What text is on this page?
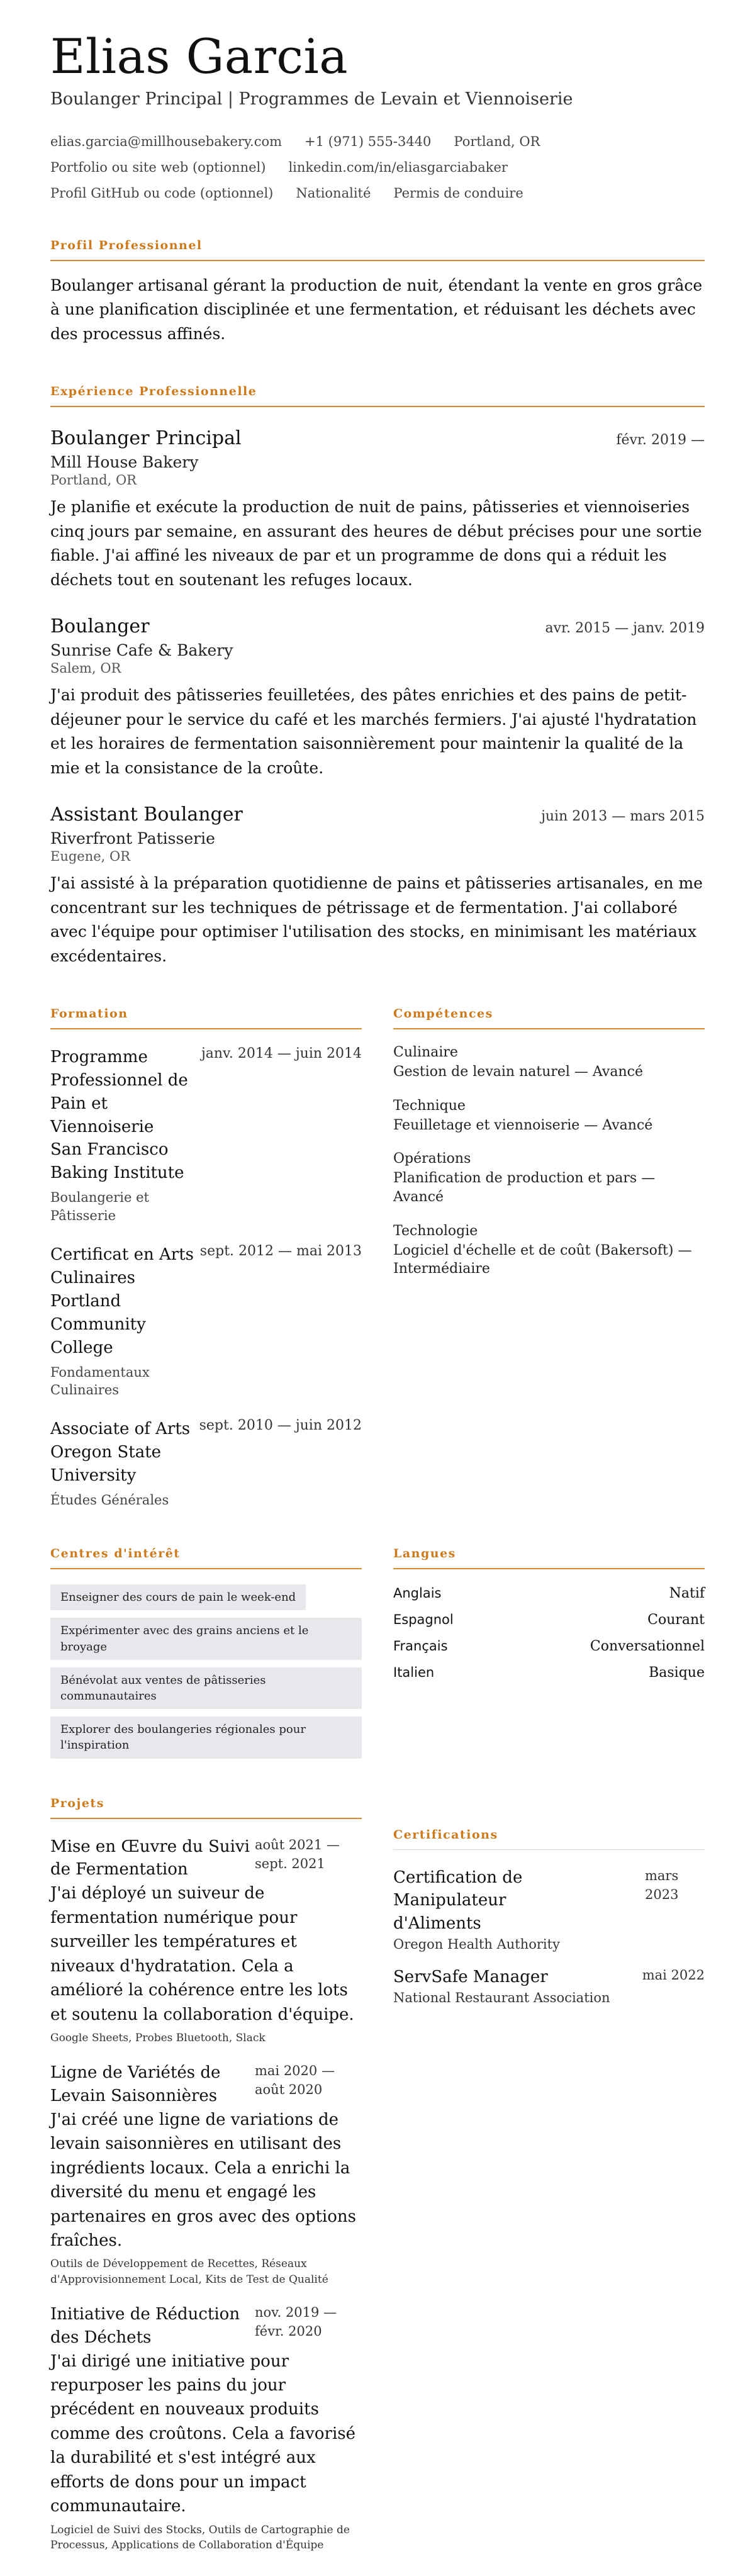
Elias Garcia
Boulanger Principal | Programmes de Levain et Viennoiserie
elias.garcia@millhousebakery.com +1 (971) 555-3440 Portland, OR
Portfolio ou site web (optionnel) linkedin.com/in/eliasgarciabaker
Profil GitHub ou code (optionnel) Nationalité Permis de conduire
Profil Professionnel

Boulanger artisanal gérant la production de nuit, étendant la vente en gros grâce à une planification disciplinée et une fermentation, et réduisant les déchets avec des processus affinés.

Expérience Professionnelle
Boulanger Principal	févr. 2019 —
Mill House Bakery
Portland, OR

Je planifie et exécute la production de nuit de pains, pâtisseries et viennoiseries cinq jours par semaine, en assurant des heures de début précises pour une sortie fiable. J'ai affiné les niveaux de par et un programme de dons qui a réduit les déchets tout en soutenant les refuges locaux.

Boulanger	avr. 2015 — janv. 2019
Sunrise Cafe & Bakery
Salem, OR

J'ai produit des pâtisseries feuilletées, des pâtes enrichies et des pains de petit-déjeuner pour le service du café et les marchés fermiers. J'ai ajusté l'hydratation et les horaires de fermentation saisonnièrement pour maintenir la qualité de la mie et la consistance de la croûte.

Assistant Boulanger	juin 2013 — mars 2015
Riverfront Patisserie
Eugene, OR

J'ai assisté à la préparation quotidienne de pains et pâtisseries artisanales, en me concentrant sur les techniques de pétrissage et de fermentation. J'ai collaboré avec l'équipe pour optimiser l'utilisation des stocks, en minimisant les matériaux excédentaires.

Formation
Programme Professionnel de Pain et Viennoiserie
San Francisco Baking Institute
Boulangerie et Pâtisserie
janv. 2014 — juin 2014
Certificat en Arts Culinaires
Portland Community College
Fondamentaux Culinaires
sept. 2012 — mai 2013
Associate of Arts
Oregon State University
Études Générales
sept. 2010 — juin 2012
Compétences
Culinaire
Gestion de levain naturel — Avancé
Technique
Feuilletage et viennoiserie — Avancé
Opérations
Planification de production et pars — Avancé
Technologie
Logiciel d'échelle et de coût (Bakersoft) — Intermédiaire
Centres d'intérêt
Enseigner des cours de pain le week-end
Expérimenter avec des grains anciens et le broyage
Bénévolat aux ventes de pâtisseries communautaires
Explorer des boulangeries régionales pour l'inspiration
Langues
Anglais	Natif
Espagnol	Courant
Français	Conversationnel
Italien	Basique
Projets
Mise en Œuvre du Suivi de Fermentation
août 2021 — sept. 2021

J'ai déployé un suiveur de fermentation numérique pour surveiller les températures et niveaux d'hydratation. Cela a amélioré la cohérence entre les lots et soutenu la collaboration d'équipe.

Google Sheets, Probes Bluetooth, Slack
Ligne de Variétés de Levain Saisonnières
mai 2020 — août 2020

J'ai créé une ligne de variations de levain saisonnières en utilisant des ingrédients locaux. Cela a enrichi la diversité du menu et engagé les partenaires en gros avec des options fraîches.

Outils de Développement de Recettes, Réseaux d'Approvisionnement Local, Kits de Test de Qualité
Initiative de Réduction des Déchets
nov. 2019 — févr. 2020

J'ai dirigé une initiative pour repurposer les pains du jour précédent en nouveaux produits comme des croûtons. Cela a favorisé la durabilité et s'est intégré aux efforts de dons pour un impact communautaire.

Logiciel de Suivi des Stocks, Outils de Cartographie de Processus, Applications de Collaboration d'Équipe
Certifications
Certification de Manipulateur d'Aliments
Oregon Health Authority
mars 2023
ServSafe Manager
National Restaurant Association
mai 2022
